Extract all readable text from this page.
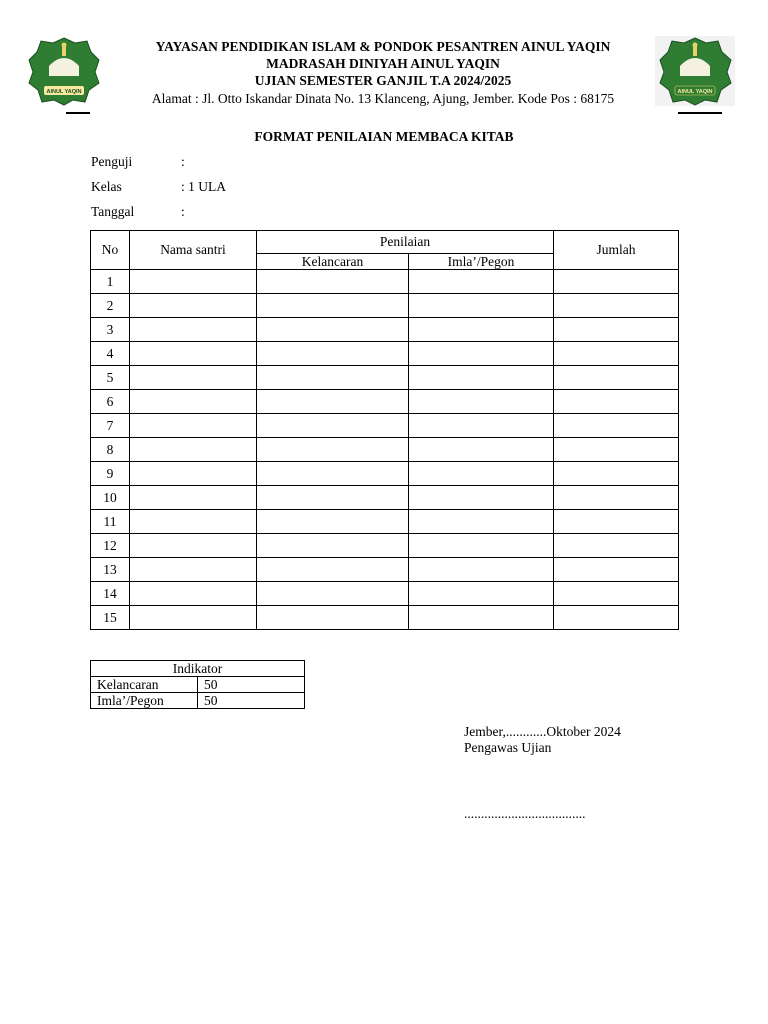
AINUL YAQIN	AINUL YAQIN
YAYASAN PENDIDIKAN ISLAM & PONDOK PESANTREN AINUL YAQIN
MADRASAH DINIYAH AINUL YAQIN
UJIAN SEMESTER GANJIL T.A 2024/2025
Alamat : Jl. Otto Iskandar Dinata No. 13 Klanceng, Ajung, Jember. Kode Pos : 68175
FORMAT PENILAIAN MEMBACA KITAB
Penguji	:
Kelas	: 1 ULA
Tanggal	:
No	Nama santri	Penilaian		Jumlah
		Kelancaran	Imla’/Pegon	
1				
2				
3				
4				
5				
6				
7				
8				
9				
10				
11				
12				
13				
14				
15				
Indikator	
Kelancaran	50
Imla’/Pegon	50
Jember,............Oktober 2024
Pengawas Ujian
....................................
